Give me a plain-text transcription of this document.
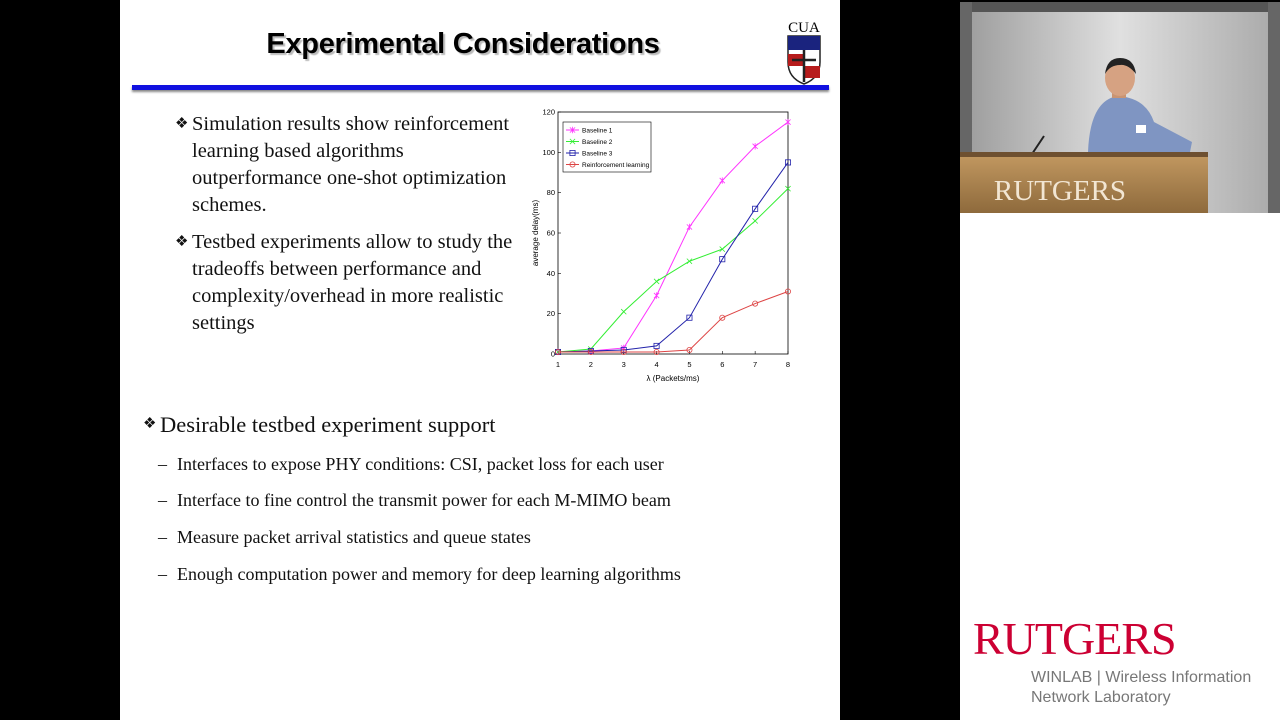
Experimental Considerations	CUA
❖ Simulation results show reinforcement
learning based algorithms
outperformance one-shot optimization
schemes.
❖ Testbed experiments allow to study the
tradeoffs between performance and
complexity/overhead in more realistic
settings
1	2	3	4	5	6	7	8
0
20
40
60
80
100
120
λ (Packets/ms)
average delay(ms)
Baseline 1
Baseline 2
Baseline 3
Reinforcement learning
❖ Desirable testbed experiment support
– Interfaces to expose PHY conditions: CSI, packet loss for each user
– Interface to fine control the transmit power for each M-MIMO beam
– Measure packet arrival statistics and queue states
– Enough computation power and memory for deep learning algorithms
RUTGERS
RUTGERS
WINLAB | Wireless Information
Network Laboratory
